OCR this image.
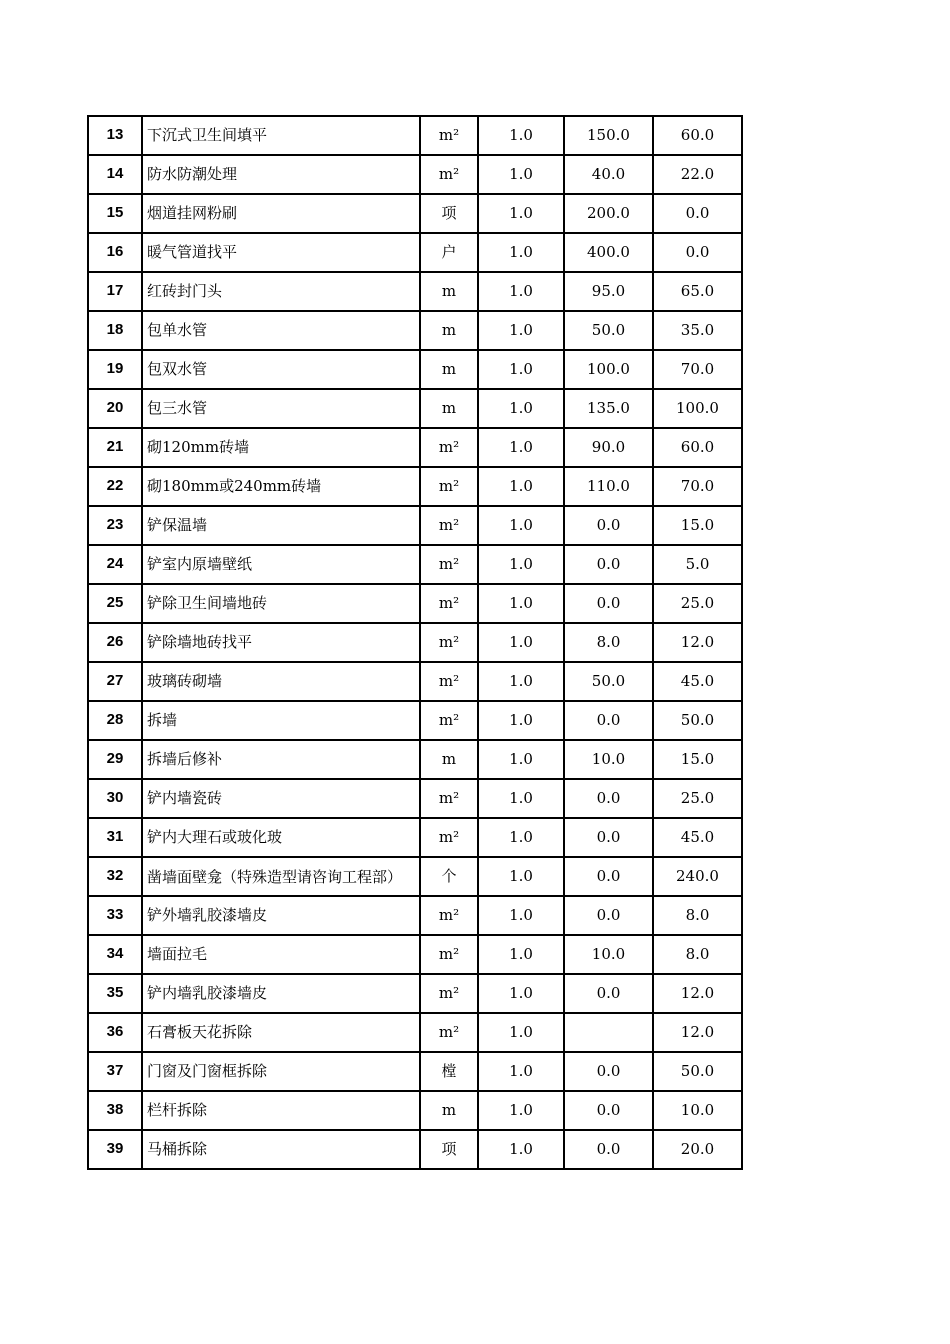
13	下沉式卫生间填平	m²	1.0	150.0	60.0
14	防水防潮处理	m²	1.0	40.0	22.0
15	烟道挂网粉刷	项	1.0	200.0	0.0
16	暖气管道找平	户	1.0	400.0	0.0
17	红砖封门头	m	1.0	95.0	65.0
18	包单水管	m	1.0	50.0	35.0
19	包双水管	m	1.0	100.0	70.0
20	包三水管	m	1.0	135.0	100.0
21	砌120mm砖墙	m²	1.0	90.0	60.0
22	砌180mm或240mm砖墙	m²	1.0	110.0	70.0
23	铲保温墙	m²	1.0	0.0	15.0
24	铲室内原墙壁纸	m²	1.0	0.0	5.0
25	铲除卫生间墙地砖	m²	1.0	0.0	25.0
26	铲除墙地砖找平	m²	1.0	8.0	12.0
27	玻璃砖砌墙	m²	1.0	50.0	45.0
28	拆墙	m²	1.0	0.0	50.0
29	拆墙后修补	m	1.0	10.0	15.0
30	铲内墙瓷砖	m²	1.0	0.0	25.0
31	铲内大理石或玻化玻	m²	1.0	0.0	45.0
32	凿墙面壁龛（特殊造型请咨询工程部）	个	1.0	0.0	240.0
33	铲外墙乳胶漆墙皮	m²	1.0	0.0	8.0
34	墙面拉毛	m²	1.0	10.0	8.0
35	铲内墙乳胶漆墙皮	m²	1.0	0.0	12.0
36	石膏板天花拆除	m²	1.0		12.0
37	门窗及门窗框拆除	樘	1.0	0.0	50.0
38	栏杆拆除	m	1.0	0.0	10.0
39	马桶拆除	项	1.0	0.0	20.0
